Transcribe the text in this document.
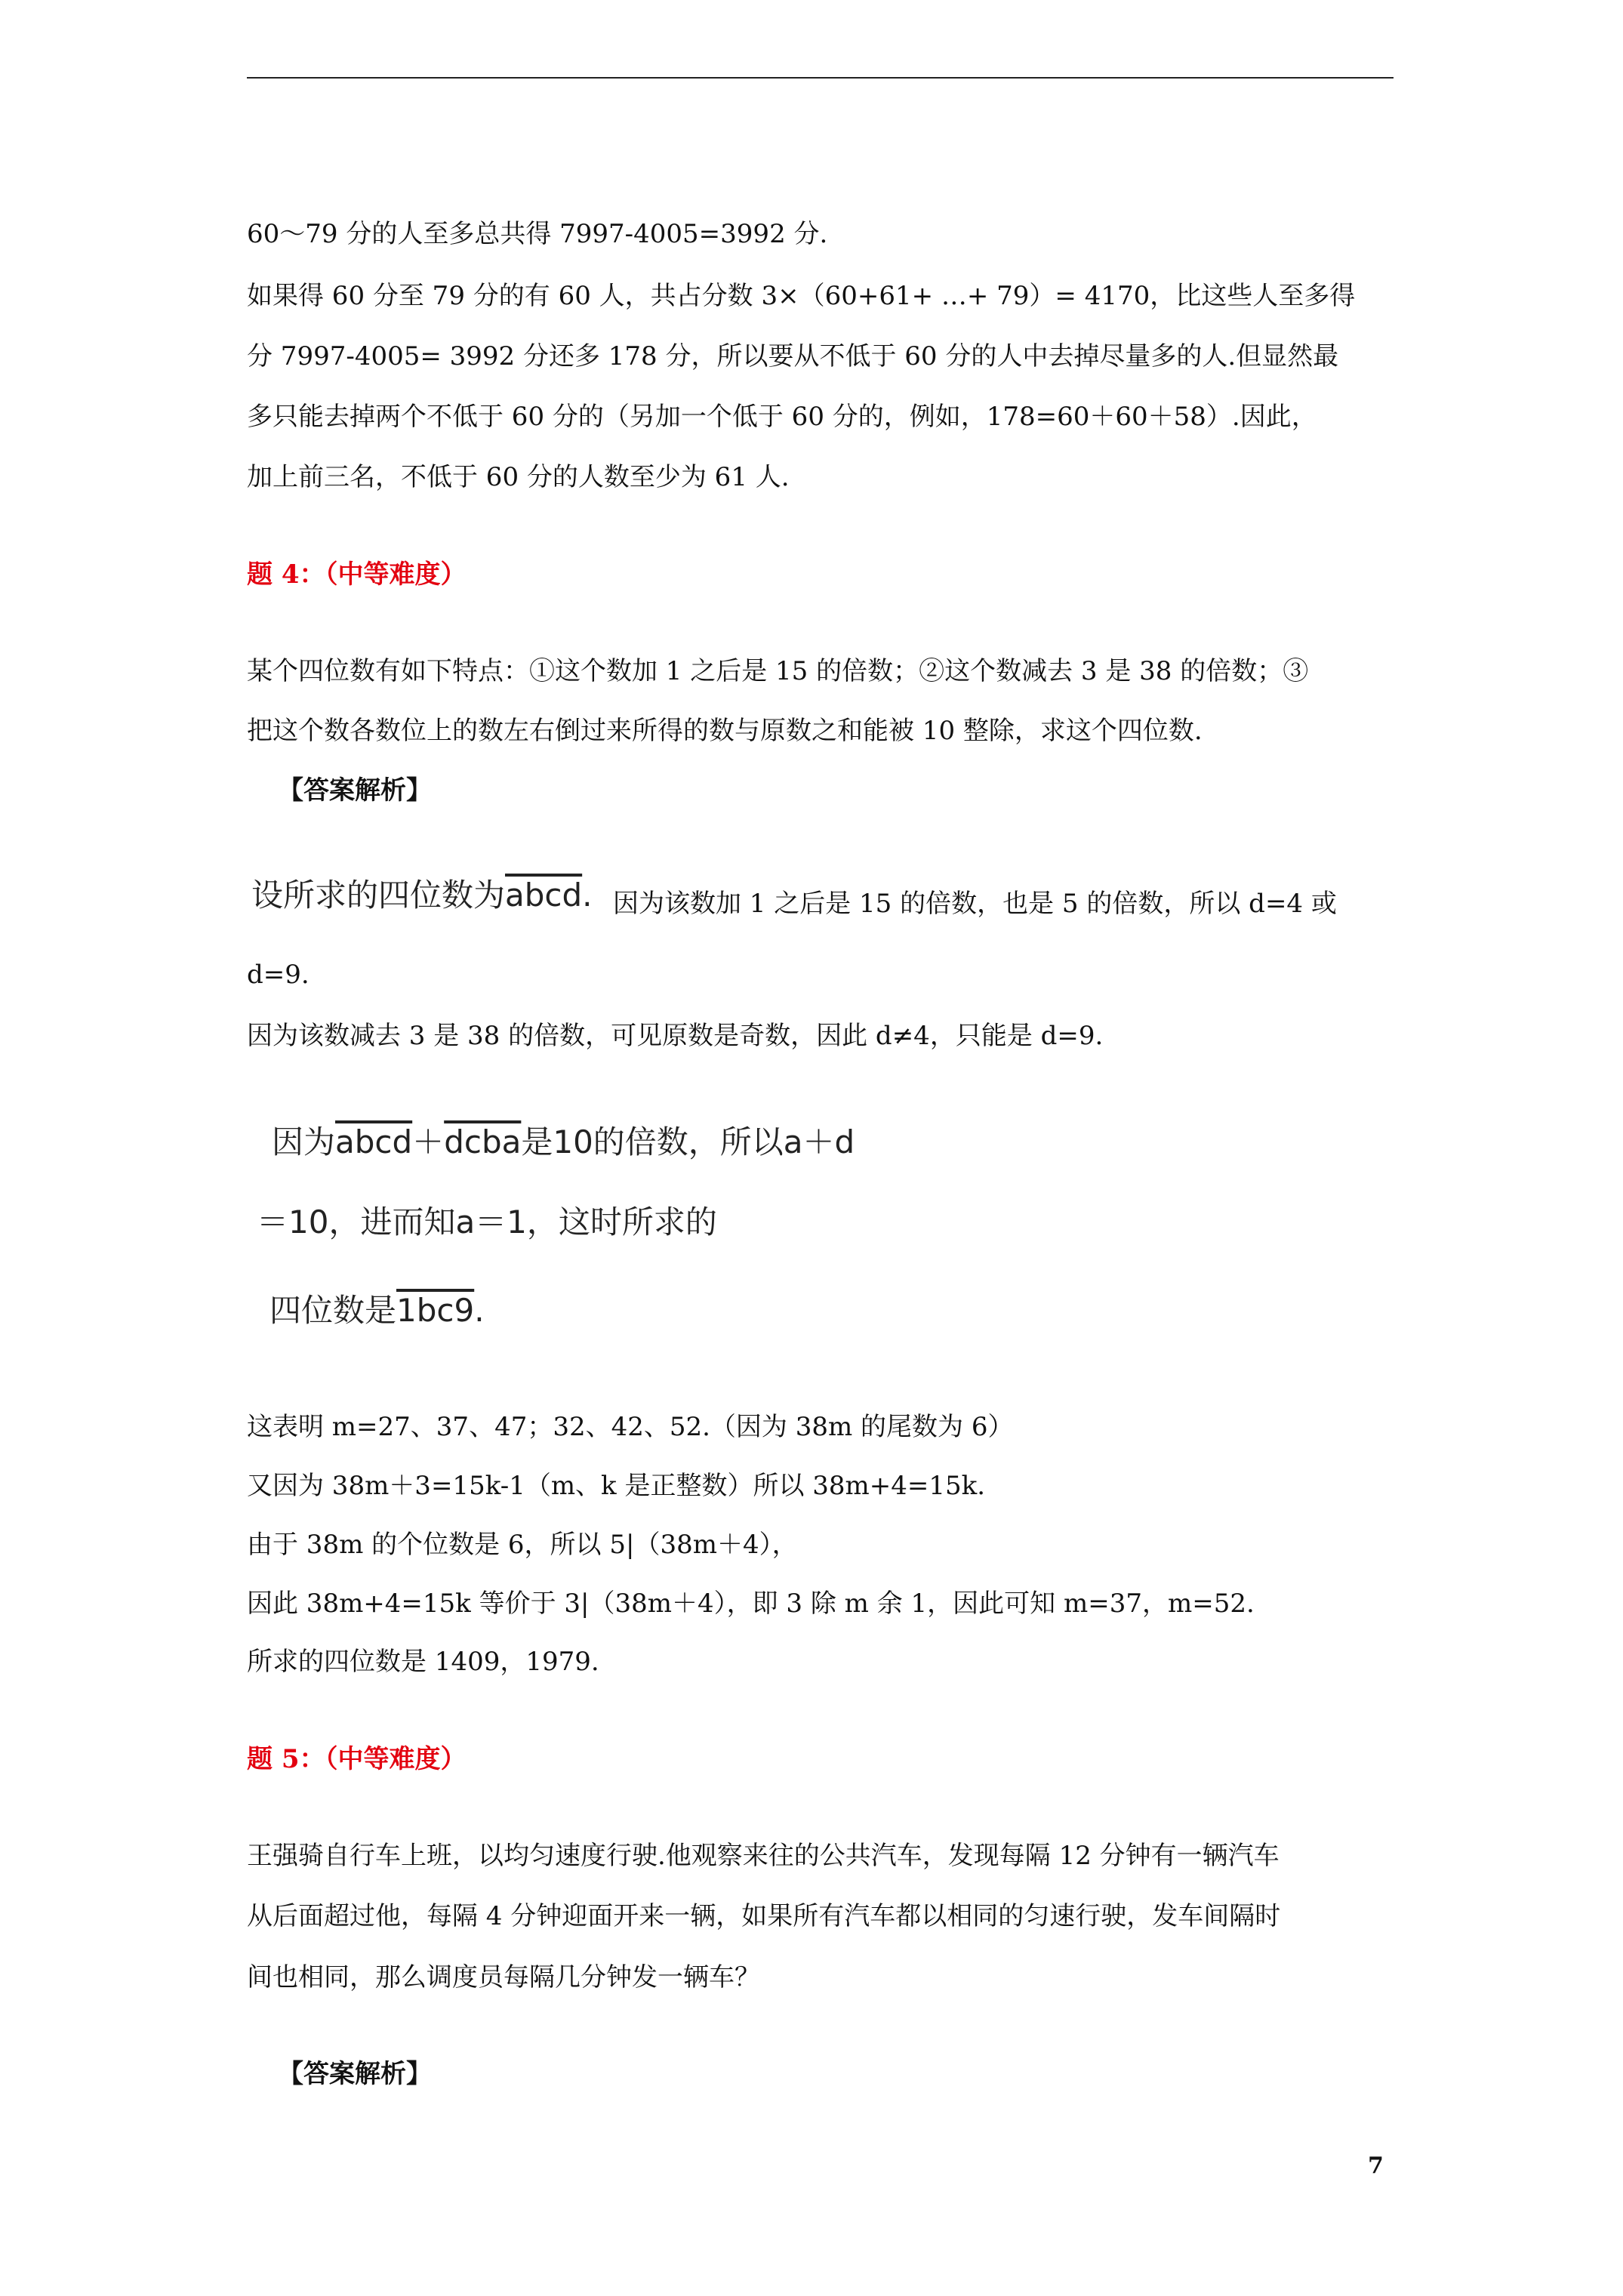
60～79 分的人至多总共得 7997-4005=3992 分.
如果得 60 分至 79 分的有 60 人，共占分数 3×（60+61+ …+ 79）= 4170，比这些人至多得
分 7997-4005= 3992 分还多 178 分，所以要从不低于 60 分的人中去掉尽量多的人.但显然最
多只能去掉两个不低于 60 分的（另加一个低于 60 分的，例如，178=60＋60＋58）.因此，
加上前三名，不低于 60 分的人数至少为 61 人.
题 4：（中等难度）
某个四位数有如下特点：①这个数加 1 之后是 15 的倍数；②这个数减去 3 是 38 的倍数；③
把这个数各数位上的数左右倒过来所得的数与原数之和能被 10 整除，求这个四位数.
【答案解析】
设所求的四位数为abcd. 因为该数加 1 之后是 15 的倍数，也是 5 的倍数，所以 d=4 或
d=9.
因为该数减去 3 是 38 的倍数，可见原数是奇数，因此 d≠4，只能是 d=9.
因为abcd＋dcba是10的倍数，所以a＋d
＝10，进而知a＝1，这时所求的
四位数是1bc9.
这表明 m=27、37、47；32、42、52.（因为 38m 的尾数为 6）
又因为 38m＋3=15k-1（m、k 是正整数）所以 38m+4=15k.
由于 38m 的个位数是 6，所以 5|（38m＋4），
因此 38m+4=15k 等价于 3|（38m＋4），即 3 除 m 余 1，因此可知 m=37，m=52.
所求的四位数是 1409，1979.
题 5：（中等难度）
王强骑自行车上班，以均匀速度行驶.他观察来往的公共汽车，发现每隔 12 分钟有一辆汽车
从后面超过他，每隔 4 分钟迎面开来一辆，如果所有汽车都以相同的匀速行驶，发车间隔时
间也相同，那么调度员每隔几分钟发一辆车？
【答案解析】
7
